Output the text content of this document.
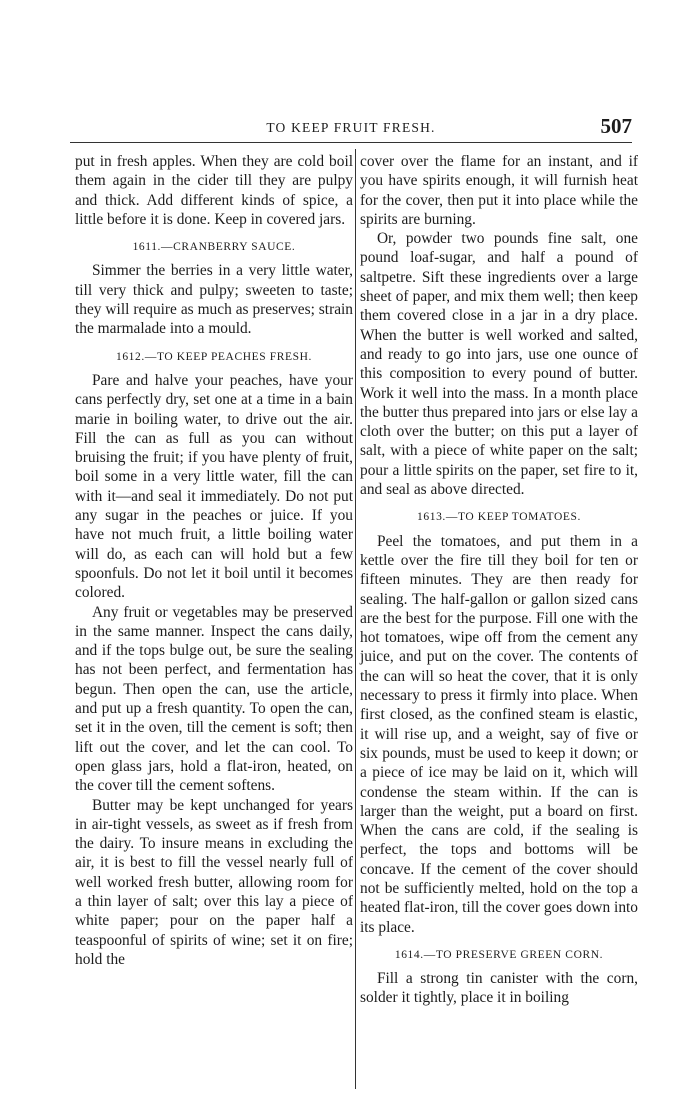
TO KEEP FRUIT FRESH.	507

put in fresh apples. When they are cold boil them again in the cider till they are pulpy and thick. Add different kinds of spice, a little before it is done. Keep in covered jars.

1611.—CRANBERRY SAUCE.

Simmer the berries in a very little water, till very thick and pulpy; sweeten to taste; they will require as much as preserves; strain the marmalade into a mould.

1612.—TO KEEP PEACHES FRESH.

Pare and halve your peaches, have your cans perfectly dry, set one at a time in a bain marie in boiling water, to drive out the air. Fill the can as full as you can without bruising the fruit; if you have plenty of fruit, boil some in a very little water, fill the can with it—and seal it immediately. Do not put any sugar in the peaches or juice. If you have not much fruit, a little boiling water will do, as each can will hold but a few spoonfuls. Do not let it boil until it becomes colored.

Any fruit or vegetables may be preserved in the same manner. Inspect the cans daily, and if the tops bulge out, be sure the sealing has not been perfect, and fermentation has begun. Then open the can, use the article, and put up a fresh quantity. To open the can, set it in the oven, till the cement is soft; then lift out the cover, and let the can cool. To open glass jars, hold a flat-iron, heated, on the cover till the cement softens.

Butter may be kept unchanged for years in air-tight vessels, as sweet as if fresh from the dairy. To insure means in excluding the air, it is best to fill the vessel nearly full of well worked fresh butter, allowing room for a thin layer of salt; over this lay a piece of white paper; pour on the paper half a teaspoonful of spirits of wine; set it on fire; hold the

cover over the flame for an instant, and if you have spirits enough, it will furnish heat for the cover, then put it into place while the spirits are burning.

Or, powder two pounds fine salt, one pound loaf-sugar, and half a pound of saltpetre. Sift these ingredients over a large sheet of paper, and mix them well; then keep them covered close in a jar in a dry place. When the butter is well worked and salted, and ready to go into jars, use one ounce of this composition to every pound of butter. Work it well into the mass. In a month place the butter thus prepared into jars or else lay a cloth over the butter; on this put a layer of salt, with a piece of white paper on the salt; pour a little spirits on the paper, set fire to it, and seal as above directed.

1613.—TO KEEP TOMATOES.

Peel the tomatoes, and put them in a kettle over the fire till they boil for ten or fifteen minutes. They are then ready for sealing. The half-gallon or gallon sized cans are the best for the purpose. Fill one with the hot tomatoes, wipe off from the cement any juice, and put on the cover. The contents of the can will so heat the cover, that it is only necessary to press it firmly into place. When first closed, as the confined steam is elastic, it will rise up, and a weight, say of five or six pounds, must be used to keep it down; or a piece of ice may be laid on it, which will condense the steam within. If the can is larger than the weight, put a board on first. When the cans are cold, if the sealing is perfect, the tops and bottoms will be concave. If the cement of the cover should not be sufficiently melted, hold on the top a heated flat-iron, till the cover goes down into its place.

1614.—TO PRESERVE GREEN CORN.

Fill a strong tin canister with the corn, solder it tightly, place it in boiling
